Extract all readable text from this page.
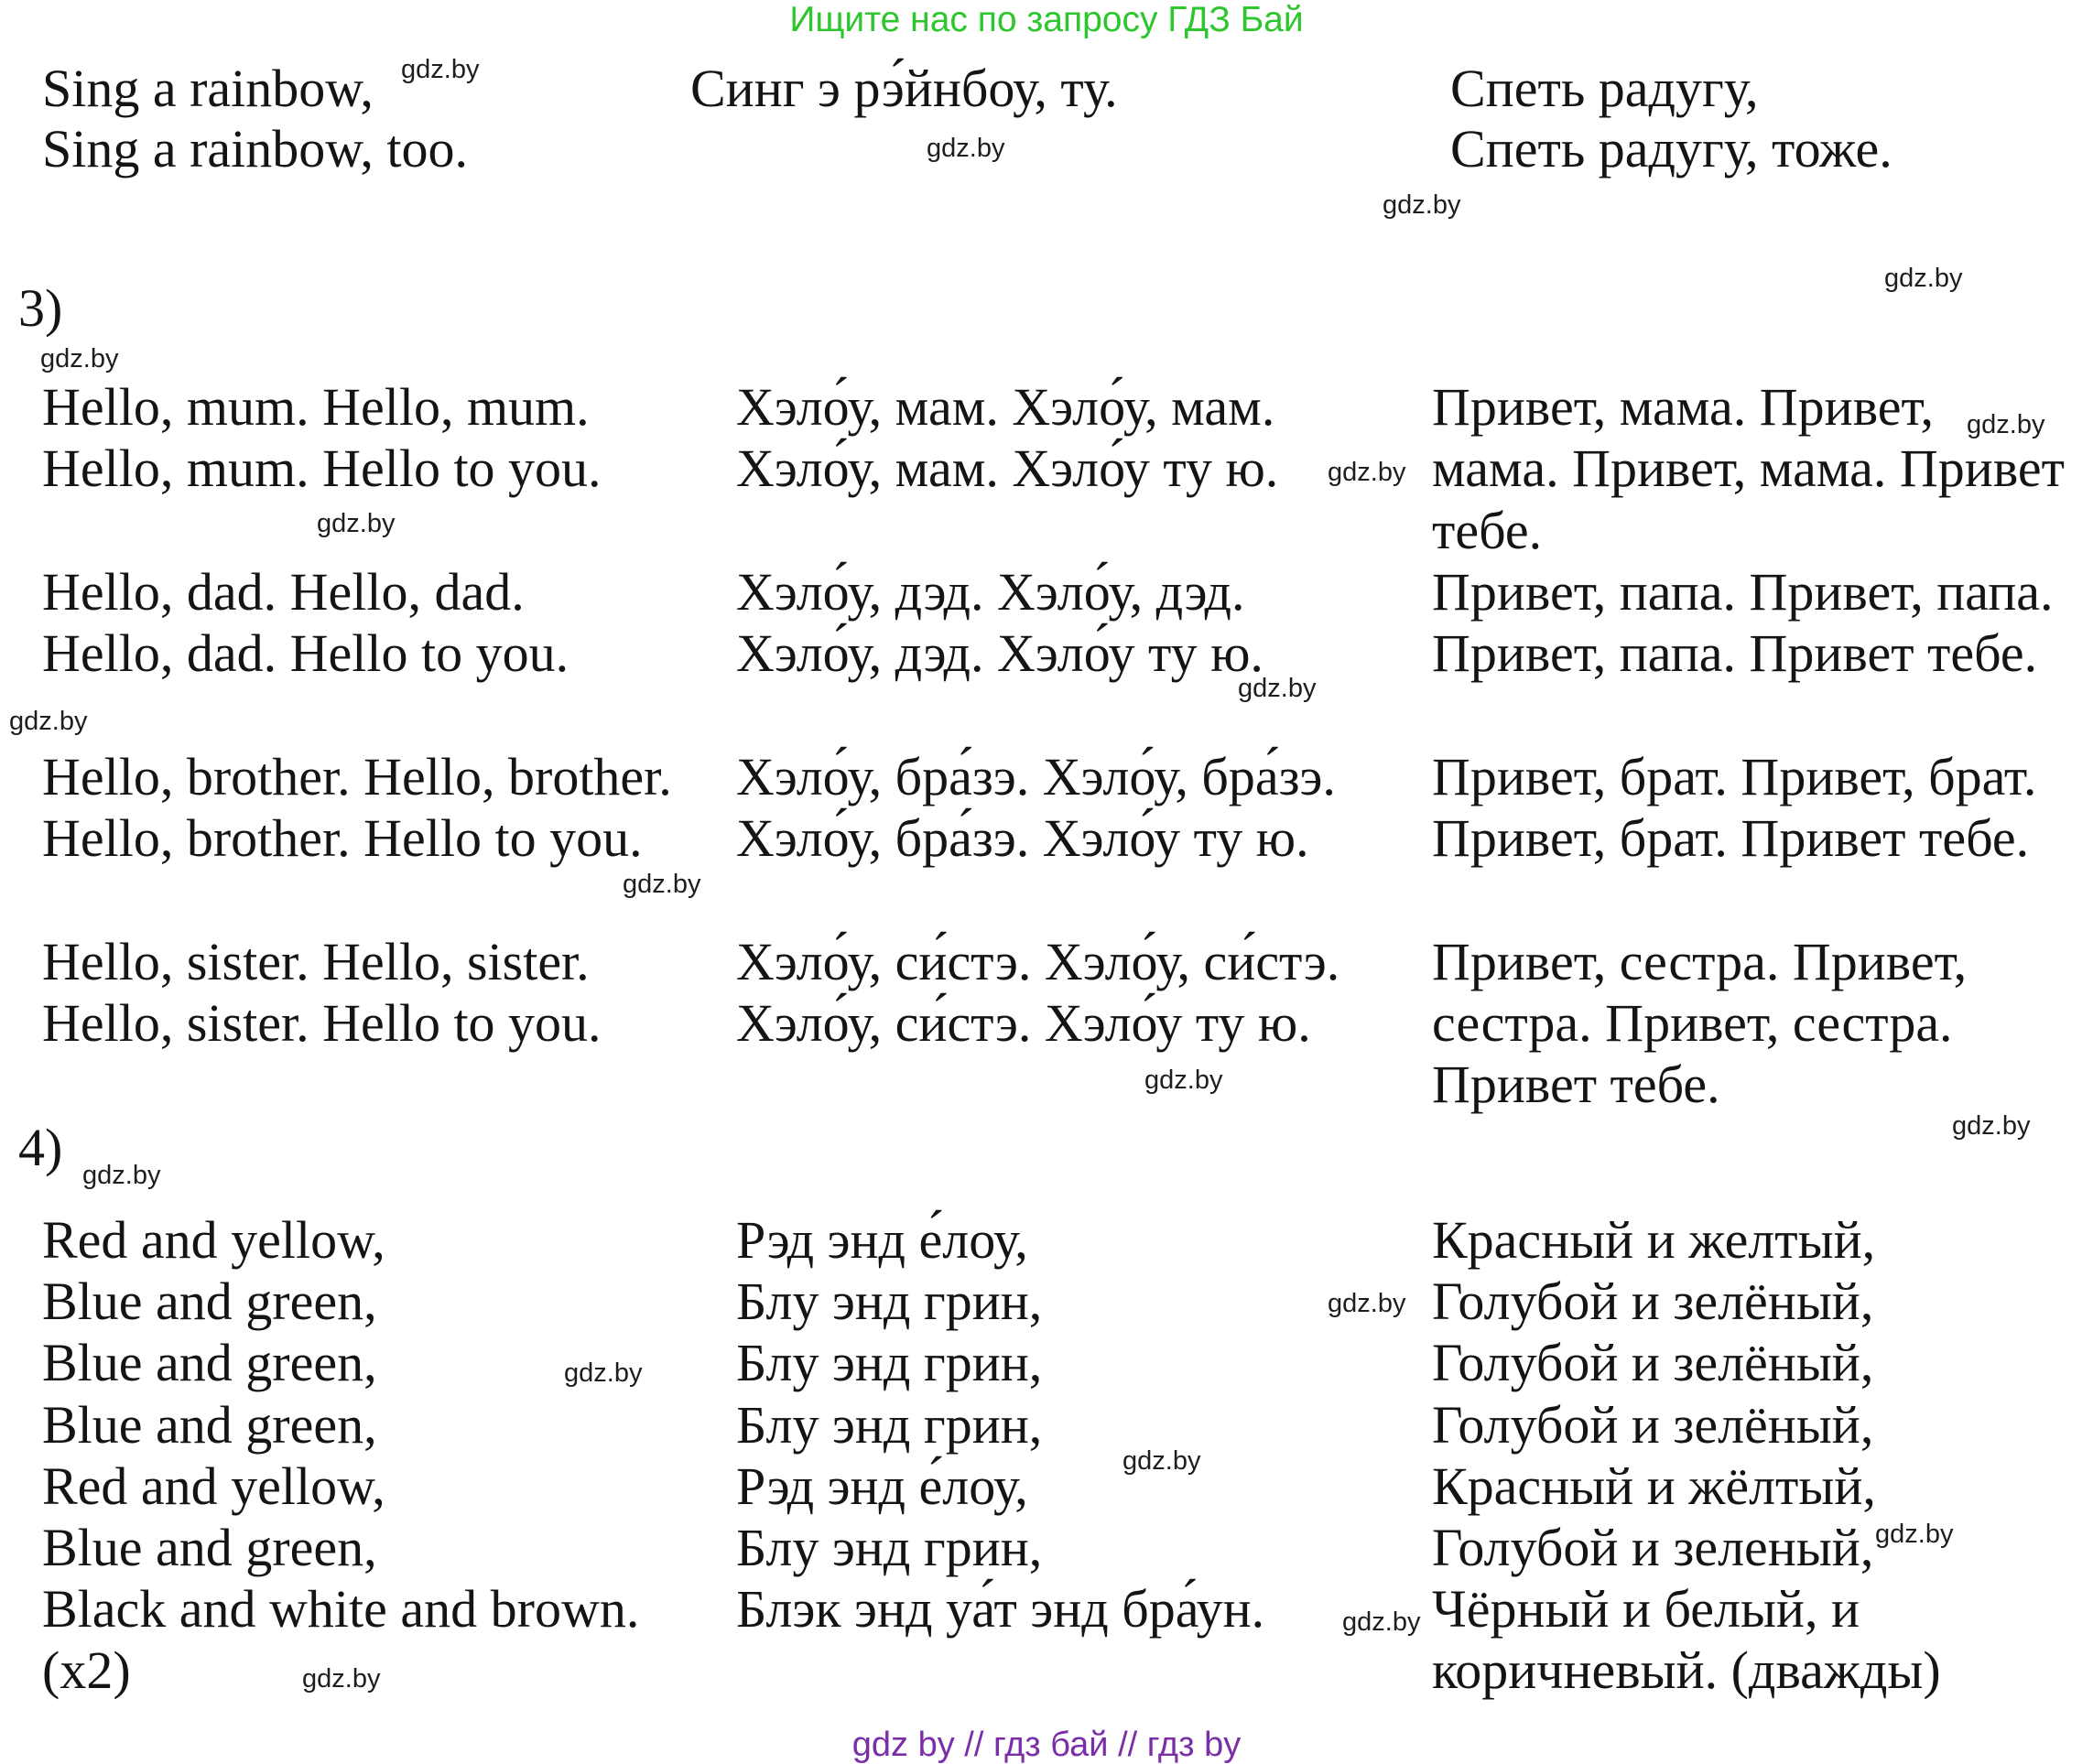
Ищите нас по запросу ГДЗ Бай
Sing a rainbow,
Sing a rainbow, too.
Синг э рэ́йнбоу, ту.	Спеть радугу,
Спеть радугу, тоже.
3)
Hello, mum. Hello, mum.
Hello, mum. Hello to you.
Hello, dad. Hello, dad.
Hello, dad. Hello to you.
Hello, brother. Hello, brother.
Hello, brother. Hello to you.
Hello, sister. Hello, sister.
Hello, sister. Hello to you.
Хэло́у, мам. Хэло́у, мам.
Хэло́у, мам. Хэло́у ту ю.
Хэло́у, дэд. Хэло́у, дэд.
Хэло́у, дэд. Хэло́у ту ю.
Хэло́у, бра́зэ. Хэло́у, бра́зэ.
Хэло́у, бра́зэ. Хэло́у ту ю.
Хэло́у, си́стэ. Хэло́у, си́стэ.
Хэло́у, си́стэ. Хэло́у ту ю.
Привет, мама. Привет,
мама. Привет, мама. Привет
тебе.
Привет, папа. Привет, папа.
Привет, папа. Привет тебе.
Привет, брат. Привет, брат.
Привет, брат. Привет тебе.
Привет, сестра. Привет,
сестра. Привет, сестра.
Привет тебе.
4)
Red and yellow,
Blue and green,
Blue and green,
Blue and green,
Red and yellow,
Blue and green,
Black and white and brown.
(x2)
Рэд энд е́лоу,
Блу энд грин,
Блу энд грин,
Блу энд грин,
Рэд энд е́лоу,
Блу энд грин,
Блэк энд уа́т энд бра́ун.
Красный и желтый,
Голубой и зелёный,
Голубой и зелёный,
Голубой и зелёный,
Красный и жёлтый,
Голубой и зеленый,
Чёрный и белый, и
коричневый. (дважды)
gdz.by
gdz.by
gdz.by
gdz.by
gdz.by
gdz.by
gdz.by
gdz.by
gdz.by
gdz.by
gdz.by
gdz.by
gdz.by
gdz.by
gdz.by
gdz.by
gdz.by
gdz.by
gdz.by
gdz.by
gdz by // гдз бай // гдз by
